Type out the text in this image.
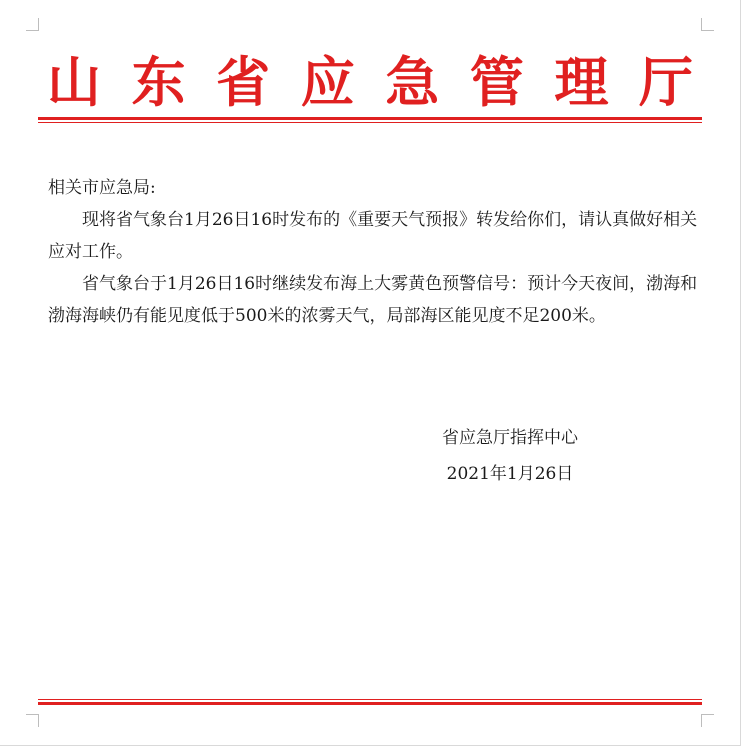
山 东 省 应 急 管 理 厅

相关市应急局:

现将省气象台1月26日16时发布的《重要天气预报》转发给你们，请认真做好相关应对工作。

省气象台于1月26日16时继续发布海上大雾黄色预警信号：预计今天夜间，渤海和渤海海峡仍有能见度低于500米的浓雾天气，局部海区能见度不足200米。

省应急厅指挥中心
2021年1月26日
